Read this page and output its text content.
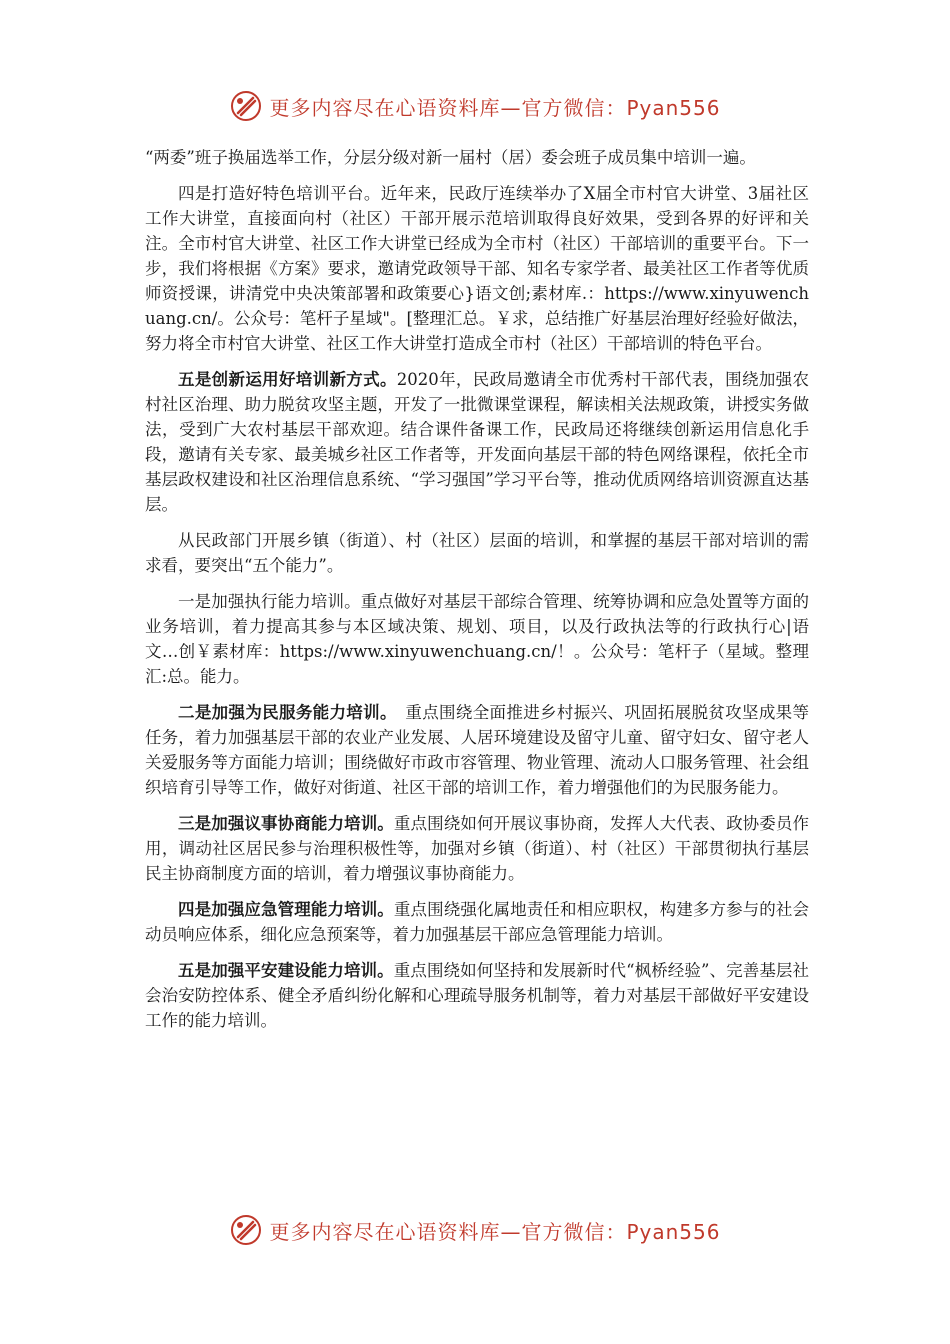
更多内容尽在心语资料库—官方微信：Pyan556

“两委”班子换届选举工作，分层分级对新一届村（居）委会班子成员集中培训一遍。

四是打造好特色培训平台。近年来，民政厅连续举办了X届全市村官大讲堂、3届社区工作大讲堂，直接面向村（社区）干部开展示范培训取得良好效果，受到各界的好评和关注。全市村官大讲堂、社区工作大讲堂已经成为全市村（社区）干部培训的重要平台。下一步，我们将根据《方案》要求，邀请党政领导干部、知名专家学者、最美社区工作者等优质师资授课，讲清党中央决策部署和政策要心}语文创;素材库.：https://www.xinyuwenchuang.cn/。公众号：笔杆子星域"。[整理汇总。￥求，总结推广好基层治理好经验好做法，努力将全市村官大讲堂、社区工作大讲堂打造成全市村（社区）干部培训的特色平台。

五是创新运用好培训新方式。2020年，民政局邀请全市优秀村干部代表，围绕加强农村社区治理、助力脱贫攻坚主题，开发了一批微课堂课程，解读相关法规政策，讲授实务做法，受到广大农村基层干部欢迎。结合课件备课工作，民政局还将继续创新运用信息化手段，邀请有关专家、最美城乡社区工作者等，开发面向基层干部的特色网络课程，依托全市基层政权建设和社区治理信息系统、“学习强国”学习平台等，推动优质网络培训资源直达基层。

从民政部门开展乡镇（街道）、村（社区）层面的培训，和掌握的基层干部对培训的需求看，要突出“五个能力”。

一是加强执行能力培训。重点做好对基层干部综合管理、统筹协调和应急处置等方面的业务培训，着力提高其参与本区域决策、规划、项目，以及行政执法等的行政执行心|语文…创￥素材库：https://www.xinyuwenchuang.cn/！。公众号：笔杆子（星域。整理汇:总。能力。

二是加强为民服务能力培训。　重点围绕全面推进乡村振兴、巩固拓展脱贫攻坚成果等任务，着力加强基层干部的农业产业发展、人居环境建设及留守儿童、留守妇女、留守老人关爱服务等方面能力培训；围绕做好市政市容管理、物业管理、流动人口服务管理、社会组织培育引导等工作，做好对街道、社区干部的培训工作，着力增强他们的为民服务能力。

三是加强议事协商能力培训。重点围绕如何开展议事协商，发挥人大代表、政协委员作用，调动社区居民参与治理积极性等，加强对乡镇（街道）、村（社区）干部贯彻执行基层民主协商制度方面的培训，着力增强议事协商能力。

四是加强应急管理能力培训。重点围绕强化属地责任和相应职权，构建多方参与的社会动员响应体系，细化应急预案等，着力加强基层干部应急管理能力培训。

五是加强平安建设能力培训。重点围绕如何坚持和发展新时代“枫桥经验”、完善基层社会治安防控体系、健全矛盾纠纷化解和心理疏导服务机制等，着力对基层干部做好平安建设工作的能力培训。

更多内容尽在心语资料库—官方微信：Pyan556
